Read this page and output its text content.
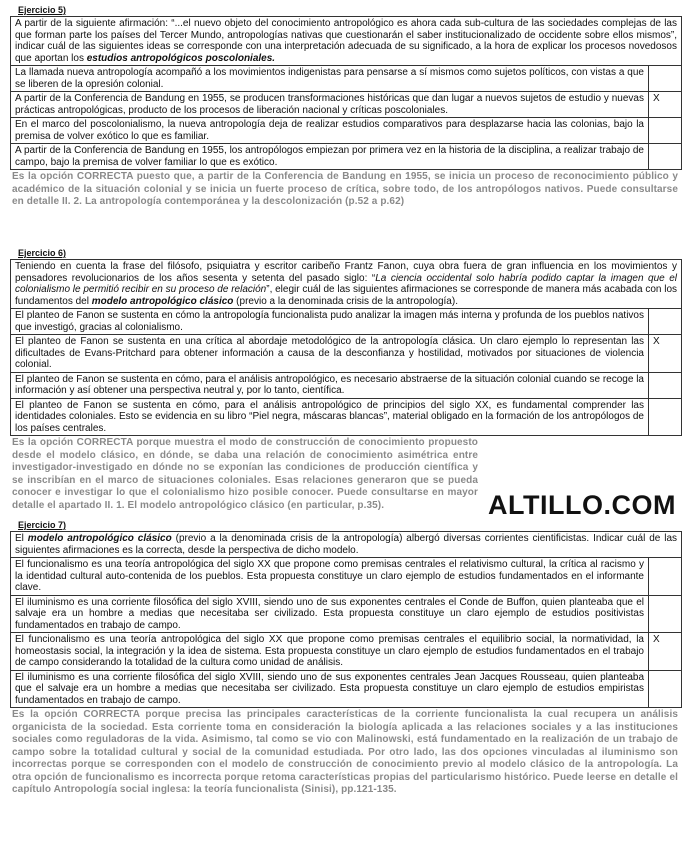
Ejercicio 5)
A partir de la siguiente afirmación: “...el nuevo objeto del conocimiento antropológico es ahora cada sub-cultura de las sociedades complejas de las que forman parte los países del Tercer Mundo, antropologías nativas que cuestionarán el saber institucionalizado de occidente sobre ellos mismos”, indicar cuál de las siguientes ideas se corresponde con una interpretación adecuada de su significado, a la hora de explicar los procesos novedosos que aportan los estudios antropológicos poscoloniales.	
La llamada nueva antropología acompañó a los movimientos indigenistas para pensarse a sí mismos como sujetos políticos, con vistas a que se liberen de la opresión colonial.	
A partir de la Conferencia de Bandung en 1955, se producen transformaciones históricas que dan lugar a nuevos sujetos de estudio y nuevas prácticas antropológicas, producto de los procesos de liberación nacional y críticas poscoloniales.	X
En el marco del poscolonialismo, la nueva antropología deja de realizar estudios comparativos para desplazarse hacia las colonias, bajo la premisa de volver exótico lo que es familiar.	
A partir de la Conferencia de Bandung en 1955, los antropólogos empiezan por primera vez en la historia de la disciplina, a realizar trabajo de campo, bajo la premisa de volver familiar lo que es exótico.	
Es la opción CORRECTA puesto que, a partir de la Conferencia de Bandung en 1955, se inicia un proceso de reconocimiento público y académico de la situación colonial y se inicia un fuerte proceso de crítica, sobre todo, de los antropólogos nativos. Puede consultarse en detalle II. 2. La antropología contemporánea y la descolonización (p.52 a p.62)
Ejercicio 6)
Teniendo en cuenta la frase del filósofo, psiquiatra y escritor caribeño Frantz Fanon, cuya obra fuera de gran influencia en los movimientos y pensadores revolucionarios de los años sesenta y setenta del pasado siglo: “La ciencia occidental solo habría podido captar la imagen que el colonialismo le permitió recibir en su proceso de relación”, elegir cuál de las siguientes afirmaciones se corresponde de manera más acabada con los fundamentos del modelo antropológico clásico (previo a la denominada crisis de la antropología).	
El planteo de Fanon se sustenta en cómo la antropología funcionalista pudo analizar la imagen más interna y profunda de los pueblos nativos que investigó, gracias al colonialismo.	
El planteo de Fanon se sustenta en una crítica al abordaje metodológico de la antropología clásica. Un claro ejemplo lo representan las dificultades de Evans-Pritchard para obtener información a causa de la desconfianza y hostilidad, motivados por situaciones de violencia colonial.	X
El planteo de Fanon se sustenta en cómo, para el análisis antropológico, es necesario abstraerse de la situación colonial cuando se recoge la información y así obtener una perspectiva neutral y, por lo tanto, científica.	
El planteo de Fanon se sustenta en cómo, para el análisis antropológico de principios del siglo XX, es fundamental comprender las identidades coloniales. Esto se evidencia en su libro “Piel negra, máscaras blancas”, material obligado en la formación de los antropólogos de los países centrales.	
Es la opción CORRECTA porque muestra el modo de construcción de conocimiento propuesto desde el modelo clásico, en dónde, se daba una relación de conocimiento asimétrica entre investigador-investigado en dónde no se exponían las condiciones de producción científica y se inscribían en el marco de situaciones coloniales. Esas relaciones generaron que se pueda conocer e investigar lo que el colonialismo hizo posible conocer. Puede consultarse en mayor detalle el apartado II. 1. El modelo antropológico clásico (en particular, p.35).	ALTILLO.COM
Ejercicio 7)
El modelo antropológico clásico (previo a la denominada crisis de la antropología) albergó diversas corrientes cientificistas. Indicar cuál de las siguientes afirmaciones es la correcta, desde la perspectiva de dicho modelo.	
El funcionalismo es una teoría antropológica del siglo XX que propone como premisas centrales el relativismo cultural, la crítica al racismo y la identidad cultural auto-contenida de los pueblos. Esta propuesta constituye un claro ejemplo de estudios fundamentados en el informante clave.	
El iluminismo es una corriente filosófica del siglo XVIII, siendo uno de sus exponentes centrales el Conde de Buffon, quien planteaba que el salvaje era un hombre a medias que necesitaba ser civilizado. Esta propuesta constituye un claro ejemplo de estudios positivistas fundamentados en trabajo de campo.	
El funcionalismo es una teoría antropológica del siglo XX que propone como premisas centrales el equilibrio social, la normatividad, la homeostasis social, la integración y la idea de sistema. Esta propuesta constituye un claro ejemplo de estudios fundamentados en el trabajo de campo considerando la totalidad de la cultura como unidad de análisis.	X
El iluminismo es una corriente filosófica del siglo XVIII, siendo uno de sus exponentes centrales Jean Jacques Rousseau, quien planteaba que el salvaje era un hombre a medias que necesitaba ser civilizado. Esta propuesta constituye un claro ejemplo de estudios empiristas fundamentados en trabajo de campo.	
Es la opción CORRECTA porque precisa las principales características de la corriente funcionalista la cual recupera un análisis organicista de la sociedad. Esta corriente toma en consideración la biología aplicada a las relaciones sociales y a las instituciones sociales como reguladoras de la vida. Asimismo, tal como se vio con Malinowski, está fundamentado en la realización de un trabajo de campo sobre la totalidad cultural y social de la comunidad estudiada. Por otro lado, las dos opciones vinculadas al iluminismo son incorrectas porque se corresponden con el modelo de construcción de conocimiento previo al modelo clásico de la antropología. La otra opción de funcionalismo es incorrecta porque retoma características propias del particularismo histórico. Puede leerse en detalle el capítulo Antropología social inglesa: la teoría funcionalista (Sinisi), pp.121-135.
